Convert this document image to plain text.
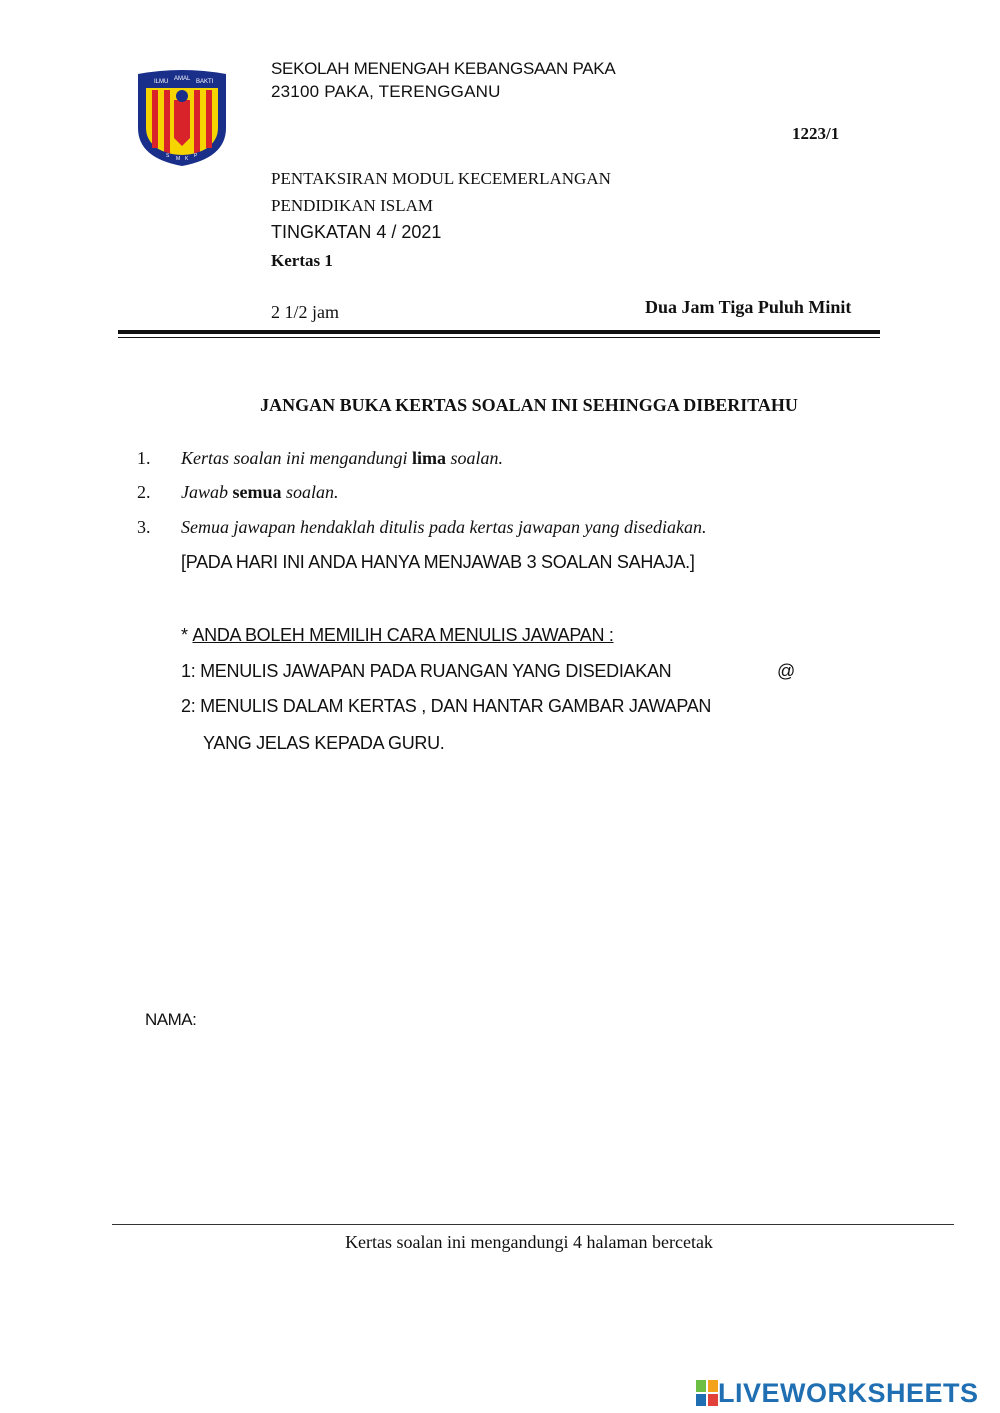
ILMU AMAL BAKTI
S M K P
SEKOLAH MENENGAH KEBANGSAAN PAKA
23100 PAKA, TERENGGANU
1223/1
PENTAKSIRAN MODUL KECEMERLANGAN
PENDIDIKAN ISLAM
TINGKATAN 4 / 2021
Kertas 1
2 1/2 jam	Dua Jam Tiga Puluh Minit
JANGAN BUKA KERTAS SOALAN INI SEHINGGA DIBERITAHU
1. Kertas soalan ini mengandungi lima soalan.
2. Jawab semua soalan.
3. Semua jawapan hendaklah ditulis pada kertas jawapan yang disediakan.
[PADA HARI INI ANDA HANYA MENJAWAB 3 SOALAN SAHAJA.]
* ANDA BOLEH MEMILIH CARA MENULIS JAWAPAN :
1: MENULIS JAWAPAN PADA RUANGAN YANG DISEDIAKAN	@
2: MENULIS DALAM KERTAS , DAN HANTAR GAMBAR JAWAPAN
YANG JELAS KEPADA GURU.
NAMA:
Kertas soalan ini mengandungi 4 halaman bercetak
LIVEWORKSHEETS
